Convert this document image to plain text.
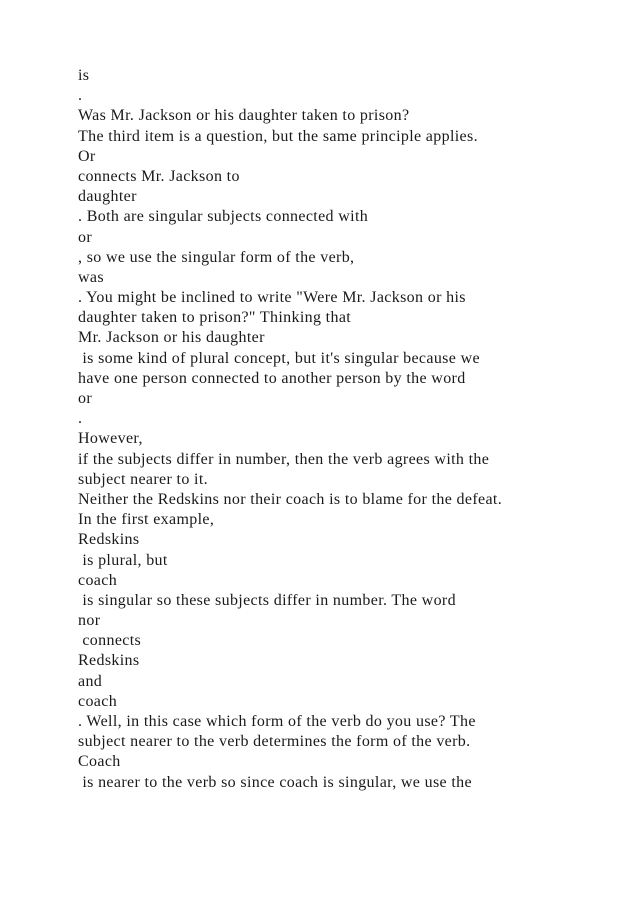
is
.
Was Mr. Jackson or his daughter taken to prison?
The third item is a question, but the same principle applies.
Or
connects Mr. Jackson to
daughter
. Both are singular subjects connected with
or
, so we use the singular form of the verb,
was
. You might be inclined to write "Were Mr. Jackson or his
daughter taken to prison?" Thinking that
Mr. Jackson or his daughter
is some kind of plural concept, but it's singular because we
have one person connected to another person by the word
or
.
However,
if the subjects differ in number, then the verb agrees with the
subject nearer to it.
Neither the Redskins nor their coach is to blame for the defeat.
In the first example,
Redskins
is plural, but
coach
is singular so these subjects differ in number. The word
nor
connects
Redskins
and
coach
. Well, in this case which form of the verb do you use? The
subject nearer to the verb determines the form of the verb.
Coach
is nearer to the verb so since coach is singular, we use the
